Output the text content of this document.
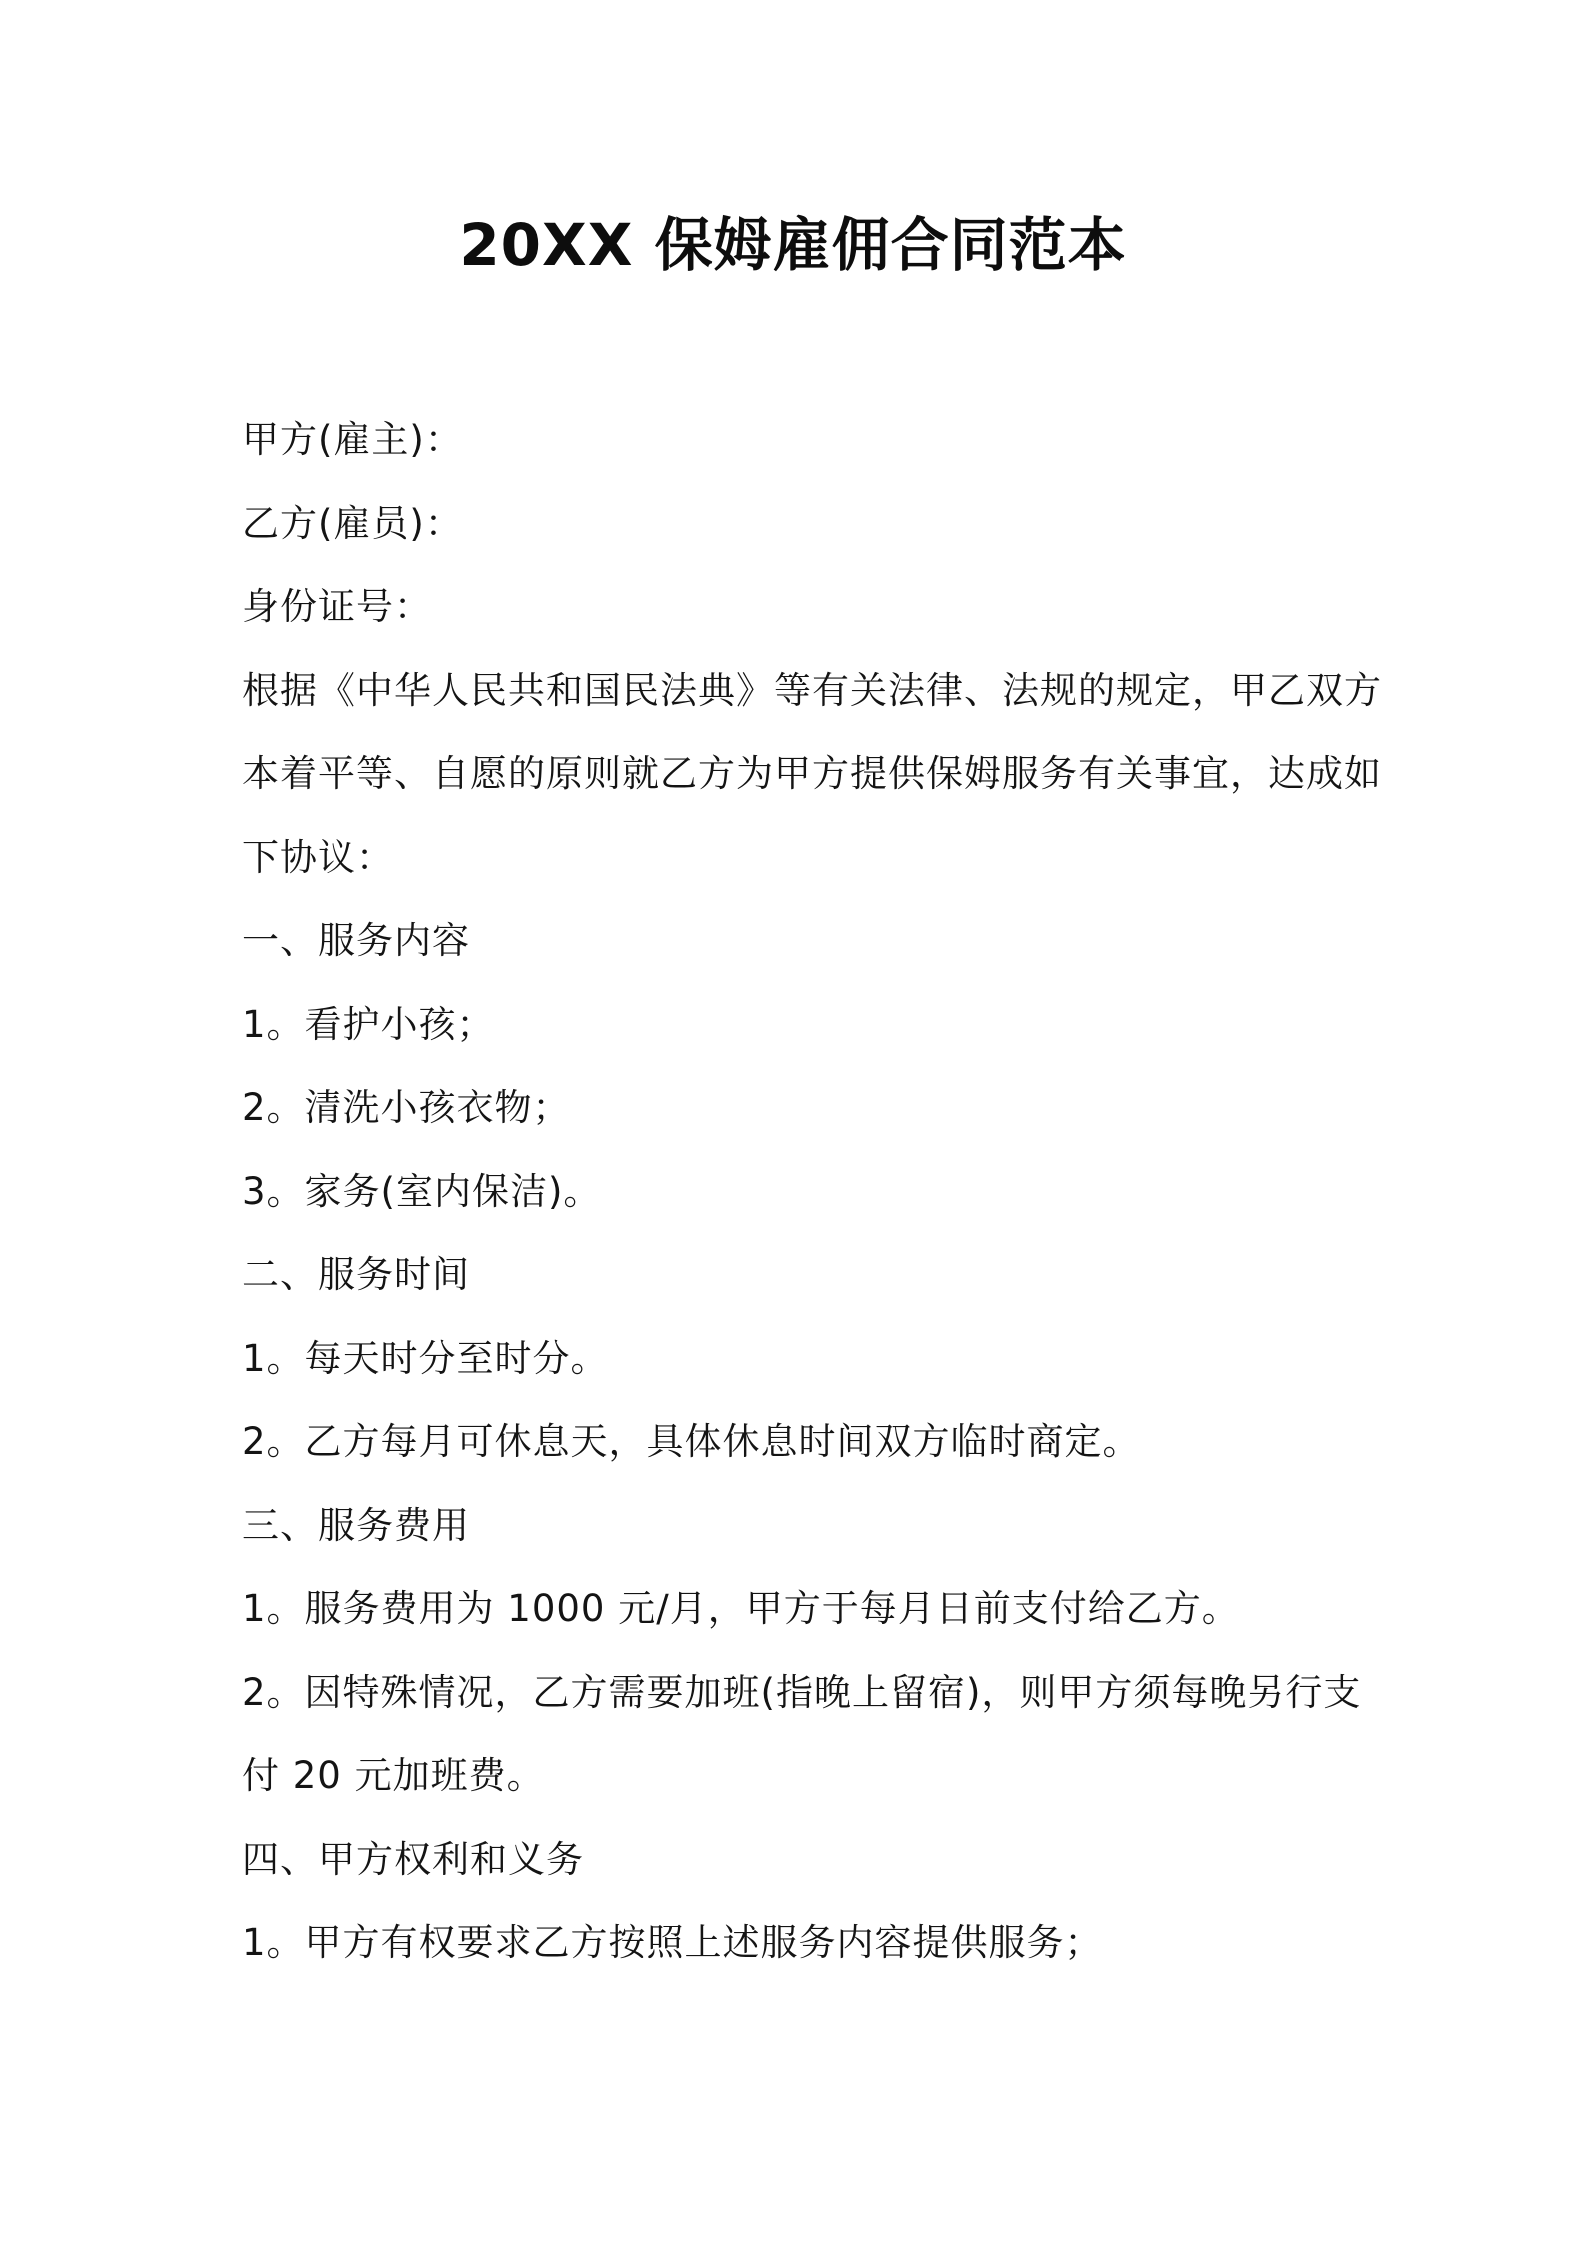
20XX 保姆雇佣合同范本
甲方(雇主)：
乙方(雇员)：
身份证号：
根据《中华人民共和国民法典》等有关法律、法规的规定，甲乙双方
本着平等、自愿的原则就乙方为甲方提供保姆服务有关事宜，达成如
下协议：
一、服务内容
1。看护小孩；
2。清洗小孩衣物；
3。家务(室内保洁)。
二、服务时间
1。每天时分至时分。
2。乙方每月可休息天，具体休息时间双方临时商定。
三、服务费用
1。服务费用为 1000 元/月，甲方于每月日前支付给乙方。
2。因特殊情况，乙方需要加班(指晚上留宿)，则甲方须每晚另行支
付 20 元加班费。
四、甲方权利和义务
1。甲方有权要求乙方按照上述服务内容提供服务；
